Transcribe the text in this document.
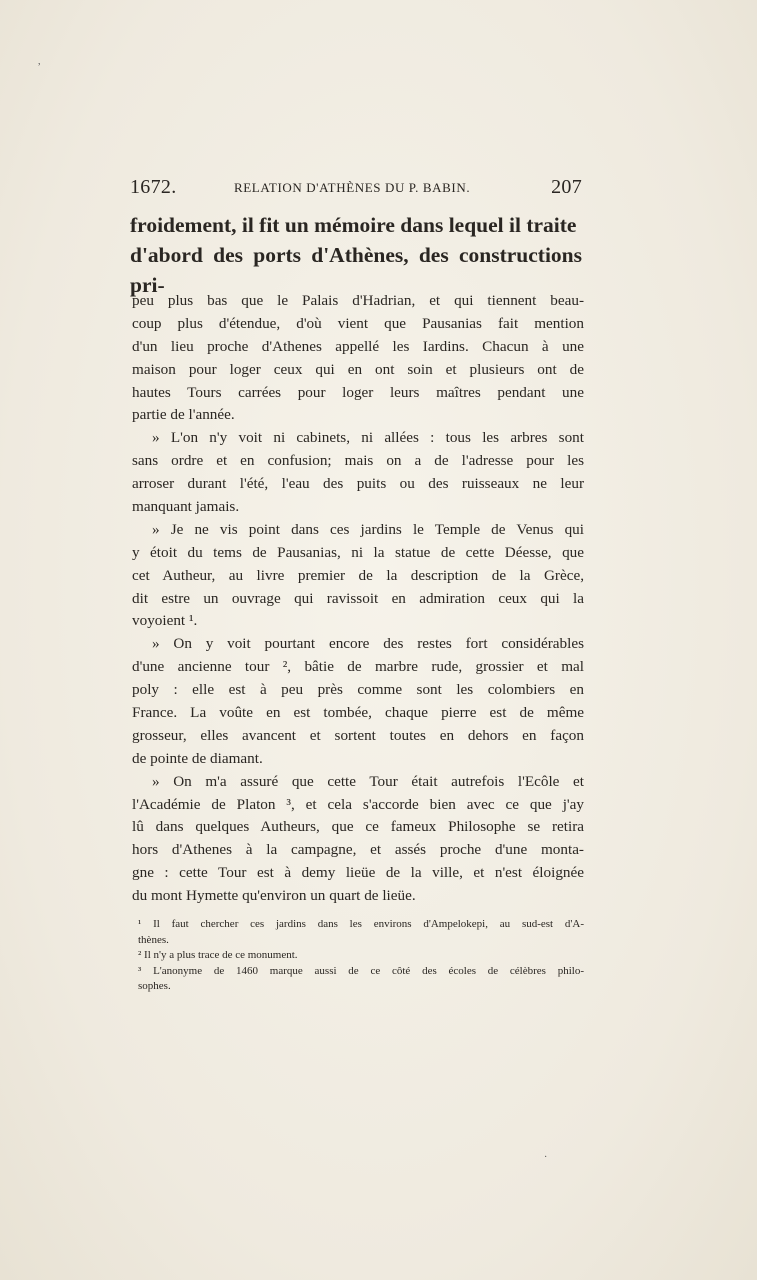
,
1672.	RELATION D'ATHÈNES DU P. BABIN.	207

froidement, il fit un mémoire dans lequel il traite
d'abord des ports d'Athènes, des constructions pri-

peu plus bas que le Palais d'Hadrian, et qui tiennent beau-
coup plus d'étendue, d'où vient que Pausanias fait mention
d'un lieu proche d'Athenes appellé les Iardins. Chacun à une
maison pour loger ceux qui en ont soin et plusieurs ont de
hautes Tours carrées pour loger leurs maîtres pendant une
partie de l'année.
» L'on n'y voit ni cabinets, ni allées : tous les arbres sont
sans ordre et en confusion; mais on a de l'adresse pour les
arroser durant l'été, l'eau des puits ou des ruisseaux ne leur
manquant jamais.
» Je ne vis point dans ces jardins le Temple de Venus qui
y étoit du tems de Pausanias, ni la statue de cette Déesse, que
cet Autheur, au livre premier de la description de la Grèce,
dit estre un ouvrage qui ravissoit en admiration ceux qui la
voyoient ¹.
» On y voit pourtant encore des restes fort considérables
d'une ancienne tour ², bâtie de marbre rude, grossier et mal
poly : elle est à peu près comme sont les colombiers en
France. La voûte en est tombée, chaque pierre est de même
grosseur, elles avancent et sortent toutes en dehors en façon
de pointe de diamant.
» On m'a assuré que cette Tour était autrefois l'Ecôle et
l'Académie de Platon ³, et cela s'accorde bien avec ce que j'ay
lû dans quelques Autheurs, que ce fameux Philosophe se retira
hors d'Athenes à la campagne, et assés proche d'une monta-
gne : cette Tour est à demy lieüe de la ville, et n'est éloignée
du mont Hymette qu'environ un quart de lieüe.
¹ Il faut chercher ces jardins dans les environs d'Ampelokepi, au sud-est d'A-
thènes.
² Il n'y a plus trace de ce monument.
³ L'anonyme de 1460 marque aussi de ce côté des écoles de célèbres philo-
sophes.
·
